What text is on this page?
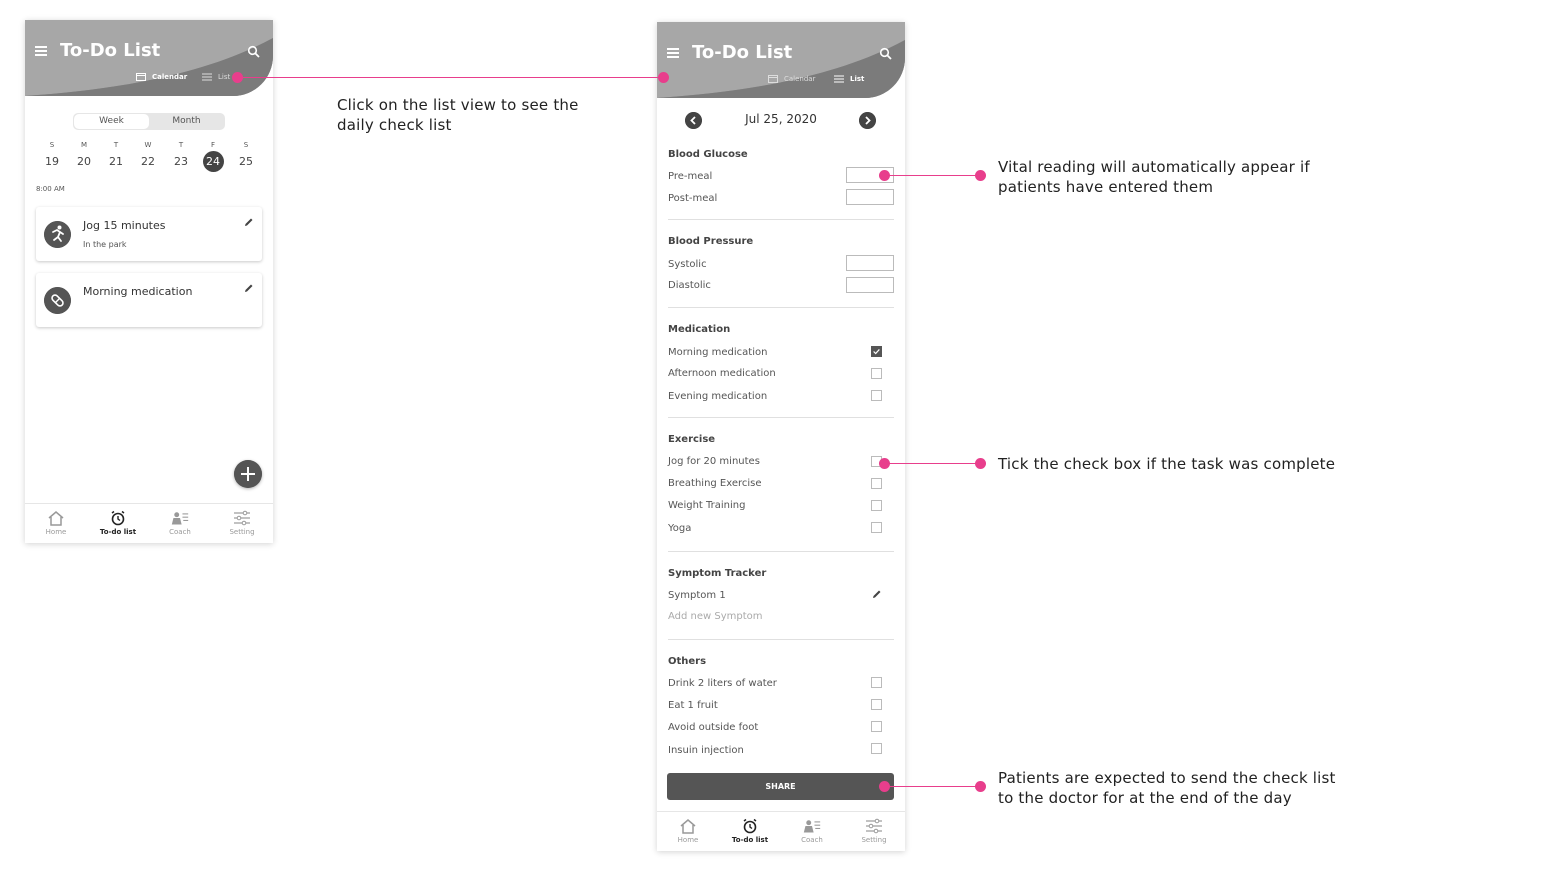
To-Do List
Calendar	List
Week	Month
S	M	T	W	T	F	S
19	20	21	22	23	24	25
8:00 AM
Jog 15 minutes
In the park
Morning medication
Home	To-do list	Coach	Setting
To-Do List
Calendar	List
Jul 25, 2020
Blood Glucose
Pre-meal
Post-meal
Blood Pressure
Systolic
Diastolic
Medication
Morning medication
Afternoon medication
Evening medication
Exercise
Jog for 20 minutes
Breathing Exercise
Weight Training
Yoga
Symptom Tracker
Symptom 1
Add new Symptom
Others
Drink 2 liters of water
Eat 1 fruit
Avoid outside foot
Insuin injection
SHARE
Home	To-do list	Coach	Setting
Click on the list view to see the
daily check list
Vital reading will automatically appear if
patients have entered them
Tick the check box if the task was complete
Patients are expected to send the check list
to the doctor for at the end of the day
